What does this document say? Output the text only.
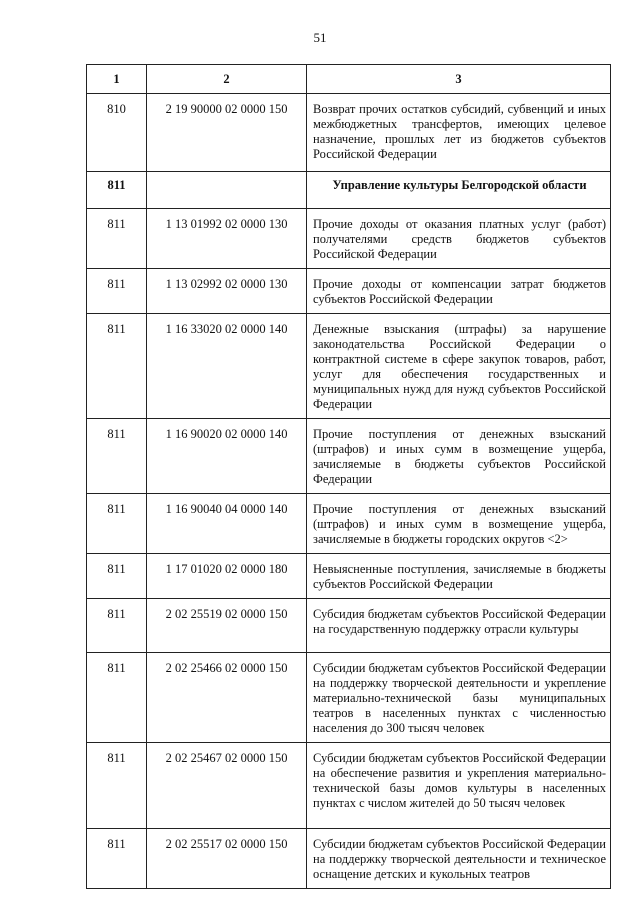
51
1	2	3
810	2 19 90000 02 0000 150	Возврат прочих остатков субсидий, субвенций и иных межбюджетных трансфертов, имеющих целевое назначение, прошлых лет из бюджетов субъектов Российской Федерации
811		Управление культуры Белгородской области
811	1 13 01992 02 0000 130	Прочие доходы от оказания платных услуг (работ) получателями средств бюджетов субъектов Российской Федерации
811	1 13 02992 02 0000 130	Прочие доходы от компенсации затрат бюджетов субъектов Российской Федерации
811	1 16 33020 02 0000 140	Денежные взыскания (штрафы) за нарушение законодательства Российской Федерации о контрактной системе в сфере закупок товаров, работ, услуг для обеспечения государственных и муниципальных нужд для нужд субъектов Российской Федерации
811	1 16 90020 02 0000 140	Прочие поступления от денежных взысканий (штрафов) и иных сумм в возмещение ущерба, зачисляемые в бюджеты субъектов Российской Федерации
811	1 16 90040 04 0000 140	Прочие поступления от денежных взысканий (штрафов) и иных сумм в возмещение ущерба, зачисляемые в бюджеты городских округов <2>
811	1 17 01020 02 0000 180	Невыясненные поступления, зачисляемые в бюджеты субъектов Российской Федерации
811	2 02 25519 02 0000 150	Субсидия бюджетам субъектов Российской Федерации на государственную поддержку отрасли культуры
811	2 02 25466 02 0000 150	Субсидии бюджетам субъектов Российской Федерации на поддержку творческой деятельности и укрепление материально-технической базы муниципальных театров в населенных пунктах с численностью населения до 300 тысяч человек
811	2 02 25467 02 0000 150	Субсидии бюджетам субъектов Российской Федерации на обеспечение развития и укрепления материально-технической базы домов культуры в населенных пунктах с числом жителей до 50 тысяч человек
811	2 02 25517 02 0000 150	Субсидии бюджетам субъектов Российской Федерации на поддержку творческой деятельности и техническое оснащение детских и кукольных театров
